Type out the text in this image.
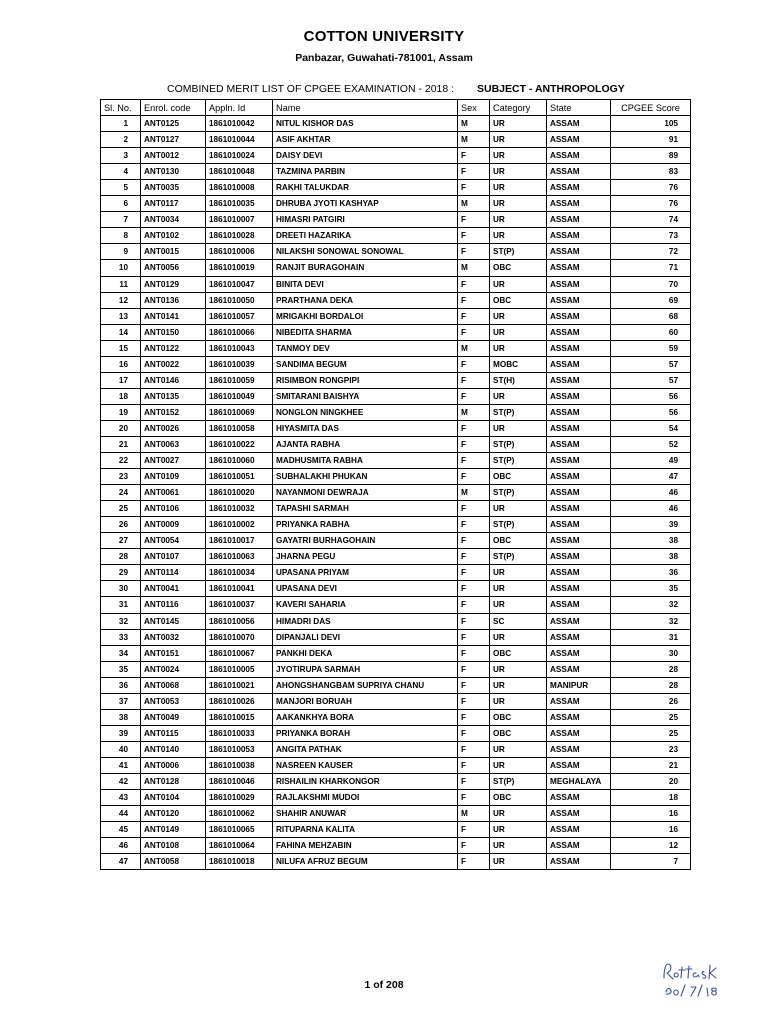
COTTON UNIVERSITY
Panbazar, Guwahati-781001, Assam
COMBINED MERIT LIST OF CPGEE EXAMINATION - 2018 : SUBJECT - ANTHROPOLOGY
Sl. No.	Enrol. code	Appln. Id	Name	Sex	Category	State	CPGEE Score
1	ANT0125	1861010042	NITUL KISHOR DAS	M	UR	ASSAM	105
2	ANT0127	1861010044	ASIF AKHTAR	M	UR	ASSAM	91
3	ANT0012	1861010024	DAISY DEVI	F	UR	ASSAM	89
4	ANT0130	1861010048	TAZMINA PARBIN	F	UR	ASSAM	83
5	ANT0035	1861010008	RAKHI TALUKDAR	F	UR	ASSAM	76
6	ANT0117	1861010035	DHRUBA JYOTI KASHYAP	M	UR	ASSAM	76
7	ANT0034	1861010007	HIMASRI PATGIRI	F	UR	ASSAM	74
8	ANT0102	1861010028	DREETI HAZARIKA	F	UR	ASSAM	73
9	ANT0015	1861010006	NILAKSHI SONOWAL SONOWAL	F	ST(P)	ASSAM	72
10	ANT0056	1861010019	RANJIT BURAGOHAIN	M	OBC	ASSAM	71
11	ANT0129	1861010047	BINITA DEVI	F	UR	ASSAM	70
12	ANT0136	1861010050	PRARTHANA DEKA	F	OBC	ASSAM	69
13	ANT0141	1861010057	MRIGAKHI BORDALOI	F	UR	ASSAM	68
14	ANT0150	1861010066	NIBEDITA SHARMA	F	UR	ASSAM	60
15	ANT0122	1861010043	TANMOY DEV	M	UR	ASSAM	59
16	ANT0022	1861010039	SANDIMA BEGUM	F	MOBC	ASSAM	57
17	ANT0146	1861010059	RISIMBON RONGPIPI	F	ST(H)	ASSAM	57
18	ANT0135	1861010049	SMITARANI BAISHYA	F	UR	ASSAM	56
19	ANT0152	1861010069	NONGLON NINGKHEE	M	ST(P)	ASSAM	56
20	ANT0026	1861010058	HIYASMITA DAS	F	UR	ASSAM	54
21	ANT0063	1861010022	AJANTA RABHA	F	ST(P)	ASSAM	52
22	ANT0027	1861010060	MADHUSMITA RABHA	F	ST(P)	ASSAM	49
23	ANT0109	1861010051	SUBHALAKHI PHUKAN	F	OBC	ASSAM	47
24	ANT0061	1861010020	NAYANMONI DEWRAJA	M	ST(P)	ASSAM	46
25	ANT0106	1861010032	TAPASHI SARMAH	F	UR	ASSAM	46
26	ANT0009	1861010002	PRIYANKA RABHA	F	ST(P)	ASSAM	39
27	ANT0054	1861010017	GAYATRI BURHAGOHAIN	F	OBC	ASSAM	38
28	ANT0107	1861010063	JHARNA PEGU	F	ST(P)	ASSAM	38
29	ANT0114	1861010034	UPASANA PRIYAM	F	UR	ASSAM	36
30	ANT0041	1861010041	UPASANA DEVI	F	UR	ASSAM	35
31	ANT0116	1861010037	KAVERI SAHARIA	F	UR	ASSAM	32
32	ANT0145	1861010056	HIMADRI DAS	F	SC	ASSAM	32
33	ANT0032	1861010070	DIPANJALI DEVI	F	UR	ASSAM	31
34	ANT0151	1861010067	PANKHI DEKA	F	OBC	ASSAM	30
35	ANT0024	1861010005	JYOTIRUPA SARMAH	F	UR	ASSAM	28
36	ANT0068	1861010021	AHONGSHANGBAM SUPRIYA CHANU	F	UR	MANIPUR	28
37	ANT0053	1861010026	MANJORI BORUAH	F	UR	ASSAM	26
38	ANT0049	1861010015	AAKANKHYA BORA	F	OBC	ASSAM	25
39	ANT0115	1861010033	PRIYANKA BORAH	F	OBC	ASSAM	25
40	ANT0140	1861010053	ANGITA PATHAK	F	UR	ASSAM	23
41	ANT0006	1861010038	NASREEN KAUSER	F	UR	ASSAM	21
42	ANT0128	1861010046	RISHAILIN KHARKONGOR	F	ST(P)	MEGHALAYA	20
43	ANT0104	1861010029	RAJLAKSHMI MUDOI	F	OBC	ASSAM	18
44	ANT0120	1861010062	SHAHIR ANUWAR	M	UR	ASSAM	16
45	ANT0149	1861010065	RITUPARNA KALITA	F	UR	ASSAM	16
46	ANT0108	1861010064	FAHINA MEHZABIN	F	UR	ASSAM	12
47	ANT0058	1861010018	NILUFA AFRUZ BEGUM	F	UR	ASSAM	7
1 of 208
